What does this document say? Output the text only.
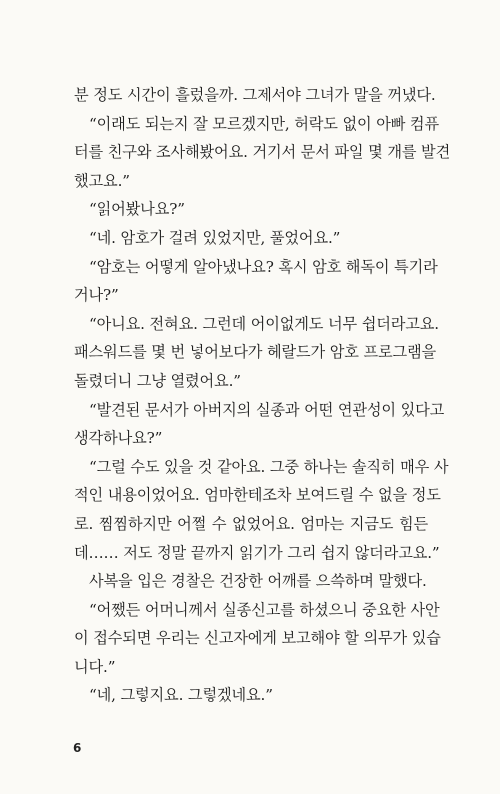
분 정도 시간이 흘렀을까. 그제서야 그녀가 말을 꺼냈다.
“이래도 되는지 잘 모르겠지만, 허락도 없이 아빠 컴퓨
터를 친구와 조사해봤어요. 거기서 문서 파일 몇 개를 발견
했고요.”
“읽어봤나요?”
“네. 암호가 걸려 있었지만, 풀었어요.”
“암호는 어떻게 알아냈나요? 혹시 암호 해독이 특기라
거나?”
“아니요. 전혀요. 그런데 어이없게도 너무 쉽더라고요.
패스워드를 몇 번 넣어보다가 헤랄드가 암호 프로그램을
돌렸더니 그냥 열렸어요.”
“발견된 문서가 아버지의 실종과 어떤 연관성이 있다고
생각하나요?”
“그럴 수도 있을 것 같아요. 그중 하나는 솔직히 매우 사
적인 내용이었어요. 엄마한테조차 보여드릴 수 없을 정도
로. 찜찜하지만 어쩔 수 없었어요. 엄마는 지금도 힘든
데…… 저도 정말 끝까지 읽기가 그리 쉽지 않더라고요.”
사복을 입은 경찰은 건장한 어깨를 으쓱하며 말했다.
“어쨌든 어머니께서 실종신고를 하셨으니 중요한 사안
이 접수되면 우리는 신고자에게 보고해야 할 의무가 있습
니다.”
“네, 그렇지요. 그렇겠네요.”
6
